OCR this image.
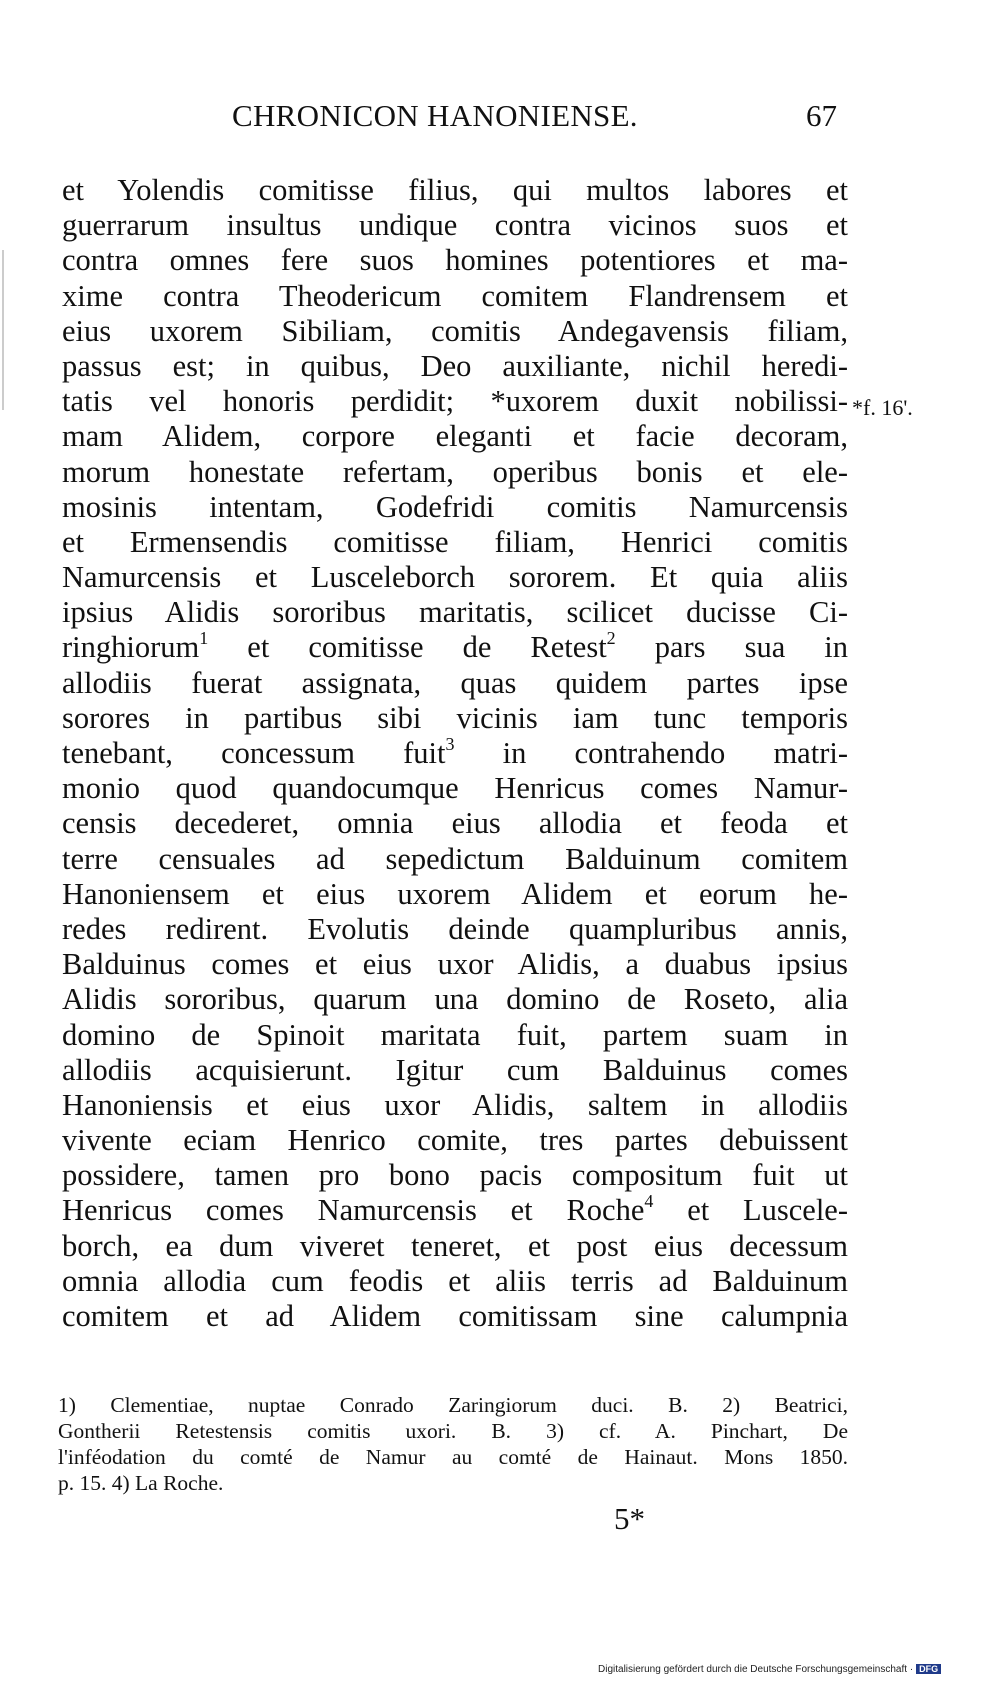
CHRONICON HANONIENSE.	67
et Yolendis comitisse filius, qui multos labores et
guerrarum insultus undique contra vicinos suos et
contra omnes fere suos homines potentiores et ma-
xime contra Theodericum comitem Flandrensem et
eius uxorem Sibiliam, comitis Andegavensis filiam,
passus est; in quibus, Deo auxiliante, nichil heredi-
tatis vel honoris perdidit; *uxorem duxit nobilissi-
mam Alidem, corpore eleganti et facie decoram,
morum honestate refertam, operibus bonis et ele-
mosinis intentam, Godefridi comitis Namurcensis
et Ermensendis comitisse filiam, Henrici comitis
Namurcensis et Lusceleborch sororem. Et quia aliis
ipsius Alidis sororibus maritatis, scilicet ducisse Ci-
ringhiorum$^1$ et comitisse de Retest$^2$ pars sua in
allodiis fuerat assignata, quas quidem partes ipse
sorores in partibus sibi vicinis iam tunc temporis
tenebant, concessum fuit$^3$ in contrahendo matri-
monio quod quandocumque Henricus comes Namur-
censis decederet, omnia eius allodia et feoda et
terre censuales ad sepedictum Balduinum comitem
Hanoniensem et eius uxorem Alidem et eorum he-
redes redirent. Evolutis deinde quampluribus annis,
Balduinus comes et eius uxor Alidis, a duabus ipsius
Alidis sororibus, quarum una domino de Roseto, alia
domino de Spinoit maritata fuit, partem suam in
allodiis acquisierunt. Igitur cum Balduinus comes
Hanoniensis et eius uxor Alidis, saltem in allodiis
vivente eciam Henrico comite, tres partes debuissent
possidere, tamen pro bono pacis compositum fuit ut
Henricus comes Namurcensis et Roche$^4$ et Luscele-
borch, ea dum viveret teneret, et post eius decessum
omnia allodia cum feodis et aliis terris ad Balduinum
comitem et ad Alidem comitissam sine calumpnia
*f. 16'.
1) Clementiae, nuptae Conrado Zaringiorum duci. B. 2) Beatrici,
Gontherii Retestensis comitis uxori. B. 3) cf. A. Pinchart, De
l'inféodation du comté de Namur au comté de Hainaut. Mons 1850.
p. 15. 4) La Roche.
5*
Digitalisierung gefördert durch die Deutsche Forschungsgemeinschaft · DFG
